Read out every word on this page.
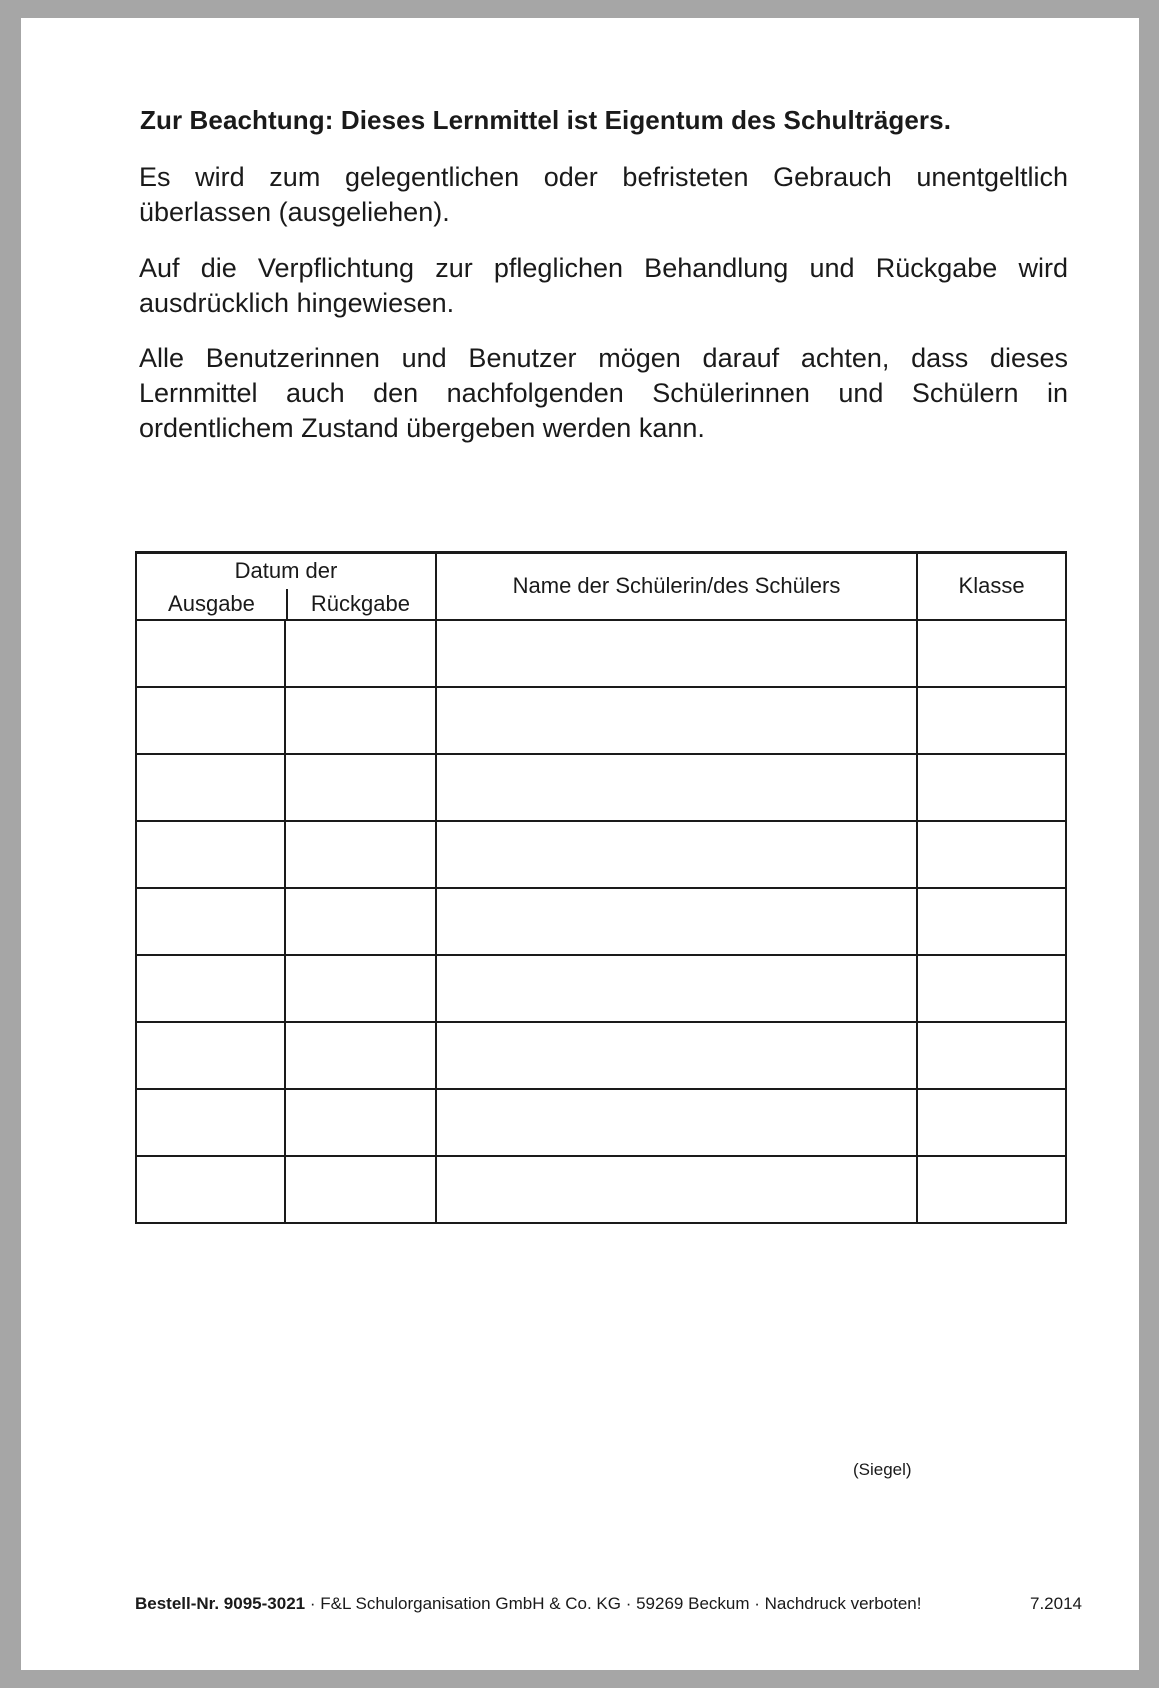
Zur Beachtung: Dieses Lernmittel ist Eigentum des Schulträgers.

Es wird zum gelegentlichen oder befristeten Gebrauch unentgeltlich überlassen (ausgeliehen).

Auf die Verpflichtung zur pfleglichen Behandlung und Rückgabe wird ausdrücklich hingewiesen.

Alle Benutzerinnen und Benutzer mögen darauf achten, dass dieses Lernmittel auch den nachfolgenden Schülerinnen und Schülern in ordentlichem Zustand übergeben werden kann.

Datum der
Ausgabe Rückgabe		Name der Schülerin/des Schülers	Klasse

(Siegel)

Bestell-Nr. 9095-3021 · F&L Schulorganisation GmbH & Co. KG · 59269 Beckum · Nachdruck verboten!	7.2014
